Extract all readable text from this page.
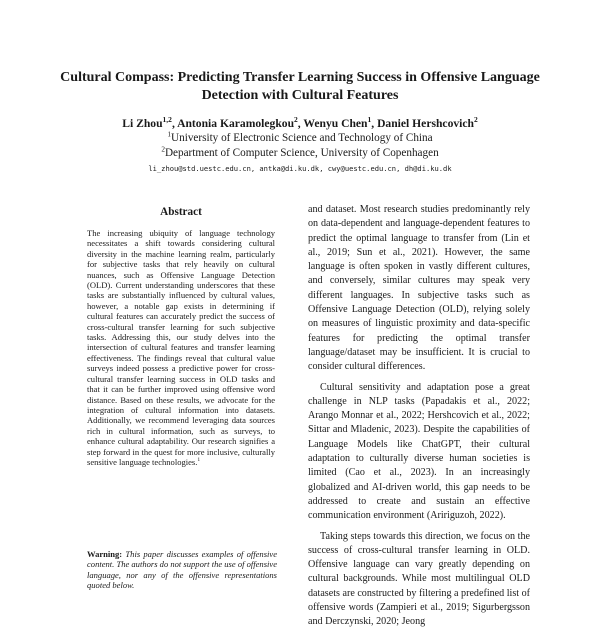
Cultural Compass: Predicting Transfer Learning Success in Offensive Language Detection with Cultural Features
Li Zhou$^{1,2}$, Antonia Karamolegkou$^2$, Wenyu Chen$^1$, Daniel Hershcovich$^2$
$^1$University of Electronic Science and Technology of China
$^2$Department of Computer Science, University of Copenhagen
li_zhou@std.uestc.edu.cn, antka@di.ku.dk, cwy@uestc.edu.cn, dh@di.ku.dk
Abstract
The increasing ubiquity of language technology necessitates a shift towards considering cultural diversity in the machine learning realm, particularly for subjective tasks that rely heavily on cultural nuances, such as Offensive Language Detection (OLD). Current understanding underscores that these tasks are substantially influenced by cultural values, however, a notable gap exists in determining if cultural features can accurately predict the success of cross-cultural transfer learning for such subjective tasks. Addressing this, our study delves into the intersection of cultural features and transfer learning effectiveness. The findings reveal that cultural value surveys indeed possess a predictive power for cross-cultural transfer learning success in OLD tasks and that it can be further improved using offensive word distance. Based on these results, we advocate for the integration of cultural information into datasets. Additionally, we recommend leveraging data sources rich in cultural information, such as surveys, to enhance cultural adaptability. Our research signifies a step forward in the quest for more inclusive, culturally sensitive language technologies.$^1$
Warning: This paper discusses examples of offensive content. The authors do not support the use of offensive language, nor any of the offensive representations quoted below.

and dataset. Most research studies predominantly rely on data-dependent and language-dependent features to predict the optimal language to transfer from (Lin et al., 2019; Sun et al., 2021). However, the same language is often spoken in vastly different cultures, and conversely, similar cultures may speak very different languages. In subjective tasks such as Offensive Language Detection (OLD), relying solely on measures of linguistic proximity and data-specific features for predicting the optimal transfer language/dataset may be insufficient. It is crucial to consider cultural differences.

Cultural sensitivity and adaptation pose a great challenge in NLP tasks (Papadakis et al., 2022; Arango Monnar et al., 2022; Hershcovich et al., 2022; Sittar and Mladenic, 2023). Despite the capabilities of Language Models like ChatGPT, their cultural adaptation to culturally diverse human societies is limited (Cao et al., 2023). In an increasingly globalized and AI-driven world, this gap needs to be addressed to create and sustain an effective communication environment (Aririguzoh, 2022).

Taking steps towards this direction, we focus on the success of cross-cultural transfer learning in OLD. Offensive language can vary greatly depending on cultural backgrounds. While most multilingual OLD datasets are constructed by filtering a predefined list of offensive words (Zampieri et al., 2019; Sigurbergsson and Derczynski, 2020; Jeong
